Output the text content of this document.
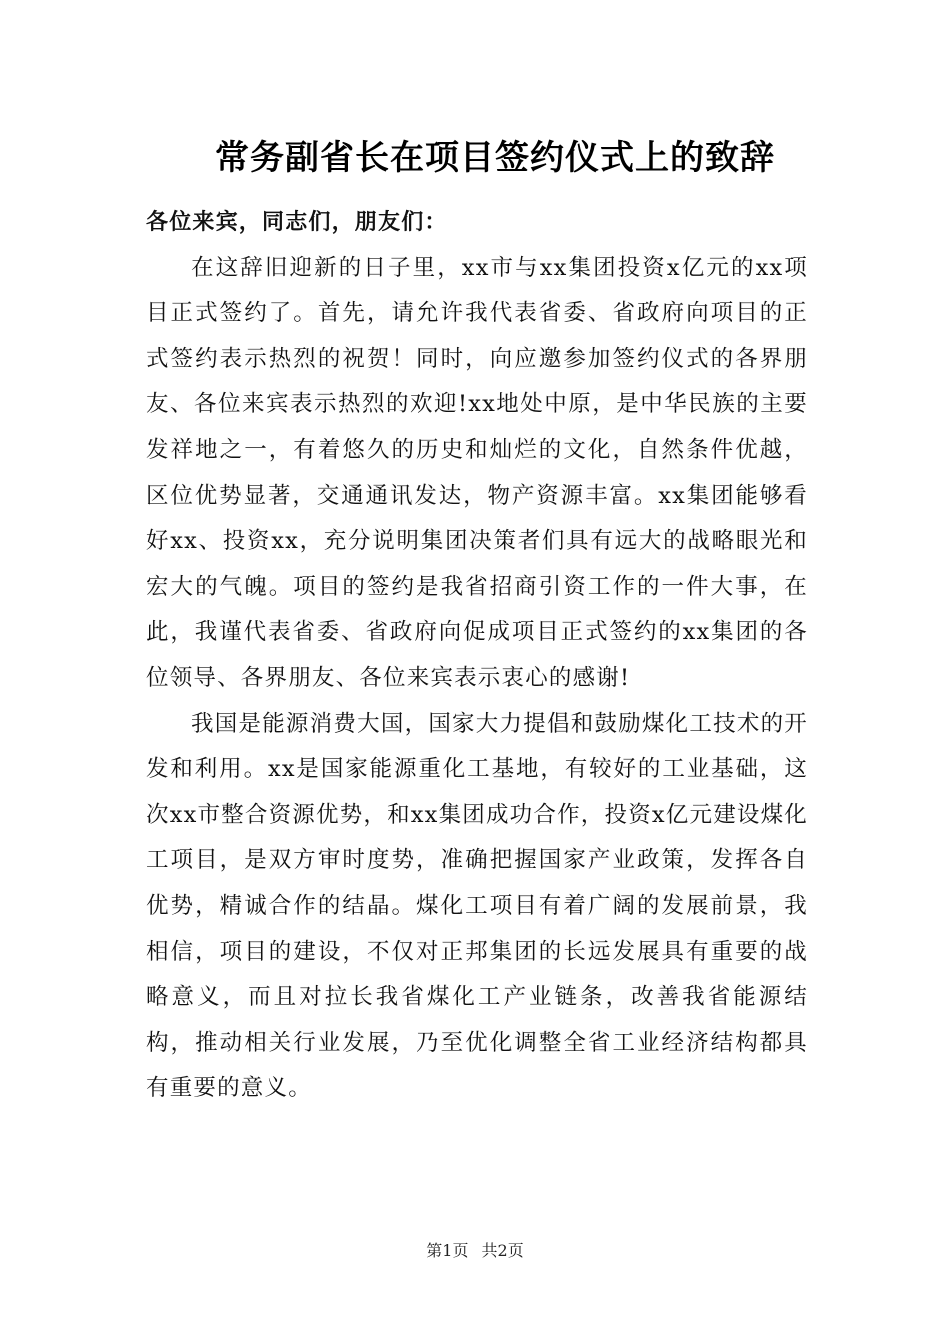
常务副省长在项目签约仪式上的致辞

各位来宾，同志们，朋友们：

在这辞旧迎新的日子里，xx市与xx集团投资x亿元的xx项目正式签约了。首先，请允许我代表省委、省政府向项目的正式签约表示热烈的祝贺！同时，向应邀参加签约仪式的各界朋友、各位来宾表示热烈的欢迎!xx地处中原，是中华民族的主要发祥地之一，有着悠久的历史和灿烂的文化，自然条件优越，区位优势显著，交通通讯发达，物产资源丰富。xx集团能够看好xx、投资xx，充分说明集团决策者们具有远大的战略眼光和宏大的气魄。项目的签约是我省招商引资工作的一件大事，在此，我谨代表省委、省政府向促成项目正式签约的xx集团的各位领导、各界朋友、各位来宾表示衷心的感谢!

我国是能源消费大国，国家大力提倡和鼓励煤化工技术的开发和利用。xx是国家能源重化工基地，有较好的工业基础，这次xx市整合资源优势，和xx集团成功合作，投资x亿元建设煤化工项目，是双方审时度势，准确把握国家产业政策，发挥各自优势，精诚合作的结晶。煤化工项目有着广阔的发展前景，我相信，项目的建设，不仅对正邦集团的长远发展具有重要的战略意义，而且对拉长我省煤化工产业链条，改善我省能源结构，推动相关行业发展，乃至优化调整全省工业经济结构都具有重要的意义。

第1页 共2页
